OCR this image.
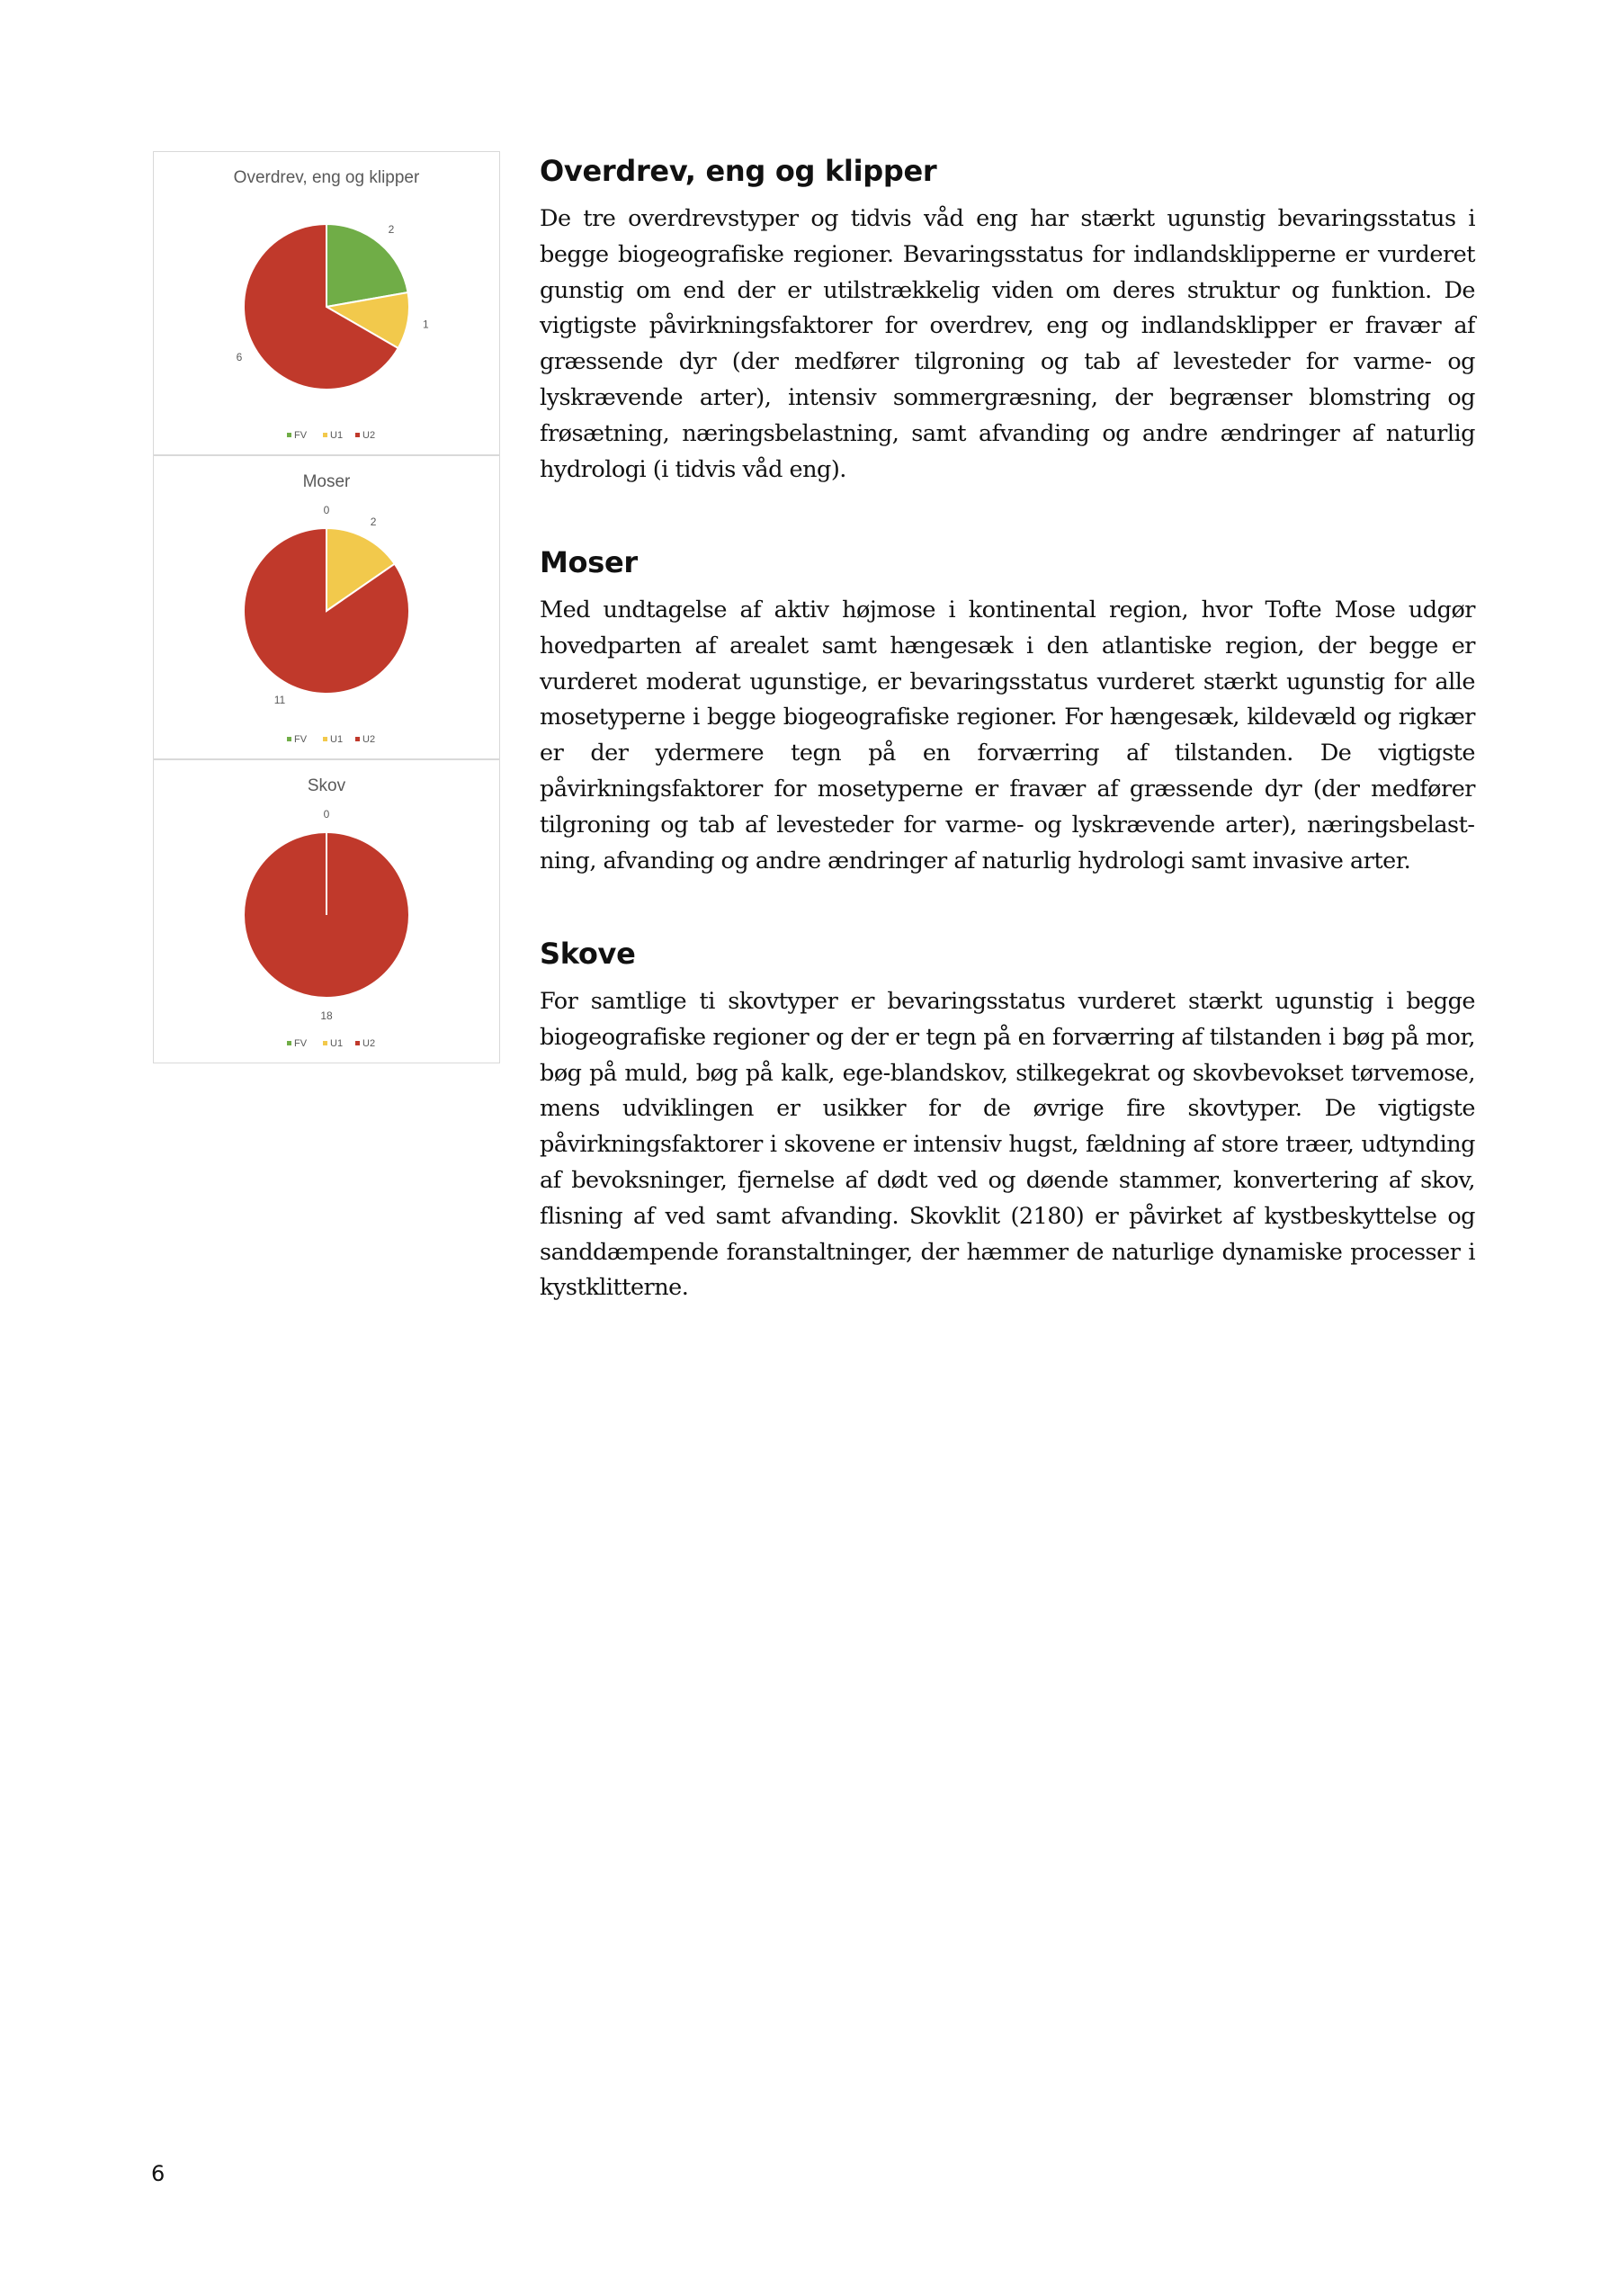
Overdrev, eng og klipper
2
1
6
FV U1 U2
Moser
0
2
11
FV U1 U2
Skov
0
18
FV U1 U2
Overdrev, eng og klipper

De tre overdrevstyper og tidvis våd eng har stærkt ugunstig bevaringsstatus i begge biogeografiske regioner. Bevaringsstatus for indlandsklipperne er vurderet gunstig om end der er utilstrækkelig viden om deres struktur og funktion. De vigtigste påvirkningsfaktorer for overdrev, eng og indlandsklipper er fravær af græssende dyr (der medfører tilgroning og tab af levesteder for varme- og lyskrævende arter), intensiv sommergræsning, der begrænser blomstring og frøsætning, næringsbelastning, samt afvanding og andre ændringer af naturlig hydrologi (i tidvis våd eng).

Moser

Med undtagelse af aktiv højmose i kontinental region, hvor Tofte Mose udgør hovedparten af arealet samt hængesæk i den atlantiske region, der begge er vurderet moderat ugunstige, er bevaringsstatus vurderet stærkt ugunstig for alle mosetyperne i begge biogeografiske regioner. For hængesæk, kildevæld og rigkær er der ydermere tegn på en forværring af tilstanden. De vigtigste påvirkningsfaktorer for mosetyperne er fravær af græssende dyr (der medfører tilgroning og tab af levesteder for varme- og lyskrævende arter), næringsbelastning, afvanding og andre ændringer af naturlig hydrologi samt invasive arter.

Skove

For samtlige ti skovtyper er bevaringsstatus vurderet stærkt ugunstig i begge biogeografiske regioner og der er tegn på en forværring af tilstanden i bøg på mor, bøg på muld, bøg på kalk, ege-blandskov, stilkegekrat og skovbevokset tørvemose, mens udviklingen er usikker for de øvrige fire skovtyper. De vigtigste påvirkningsfaktorer i skovene er intensiv hugst, fældning af store træer, udtynding af bevoksninger, fjernelse af dødt ved og døende stammer, konvertering af skov, flisning af ved samt afvanding. Skovklit (2180) er påvirket af kystbeskyttelse og sanddæmpende foranstaltninger, der hæmmer de naturlige dynamiske processer i kystklitterne.

6
